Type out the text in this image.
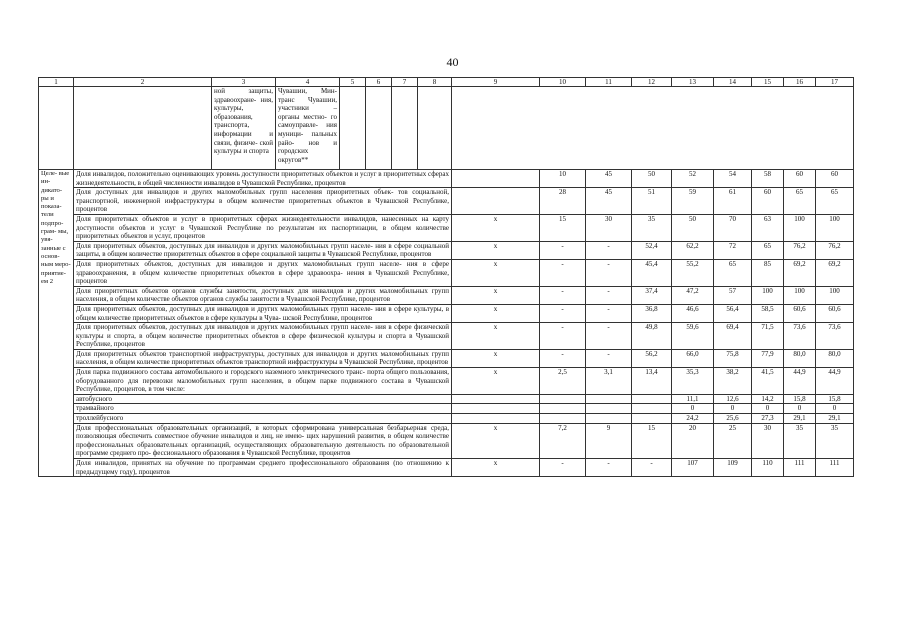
40
1	2	3	4	5	6	7	8	9	10	11	12	13	14	15	16	17
		ной защиты, здравоохране- ния, культуры, образования, транспорта, информации и связи, физиче- ской культуры и спорта	Чувашии, Мин- транс Чувашии, участники – органы местно- го самоуправле- ния муници- пальных райо- нов и городских округов**													
Целе- вые ин- дикато- ры и показа- тели подпро- грам- мы, увя- занные с основ- ным меро- приятие- ем 2	Доля инвалидов, положительно оценивающих уровень доступности приоритетных объектов и услуг в приоритетных сферах жизнедеятельности, в общей численности инвалидов в Чувашской Республике, процентов								10	45	50	52	54	58	60	60
	Доля доступных для инвалидов и других маломобильных групп населения приоритетных объек- тов социальной, транспортной, инженерной инфраструктуры в общем количестве приоритетных объектов в Чувашской Республике, процентов								28	45	51	59	61	60	65	65
	Доля приоритетных объектов и услуг в приоритетных сферах жизнедеятельности инвалидов, нанесенных на карту доступности объектов и услуг в Чувашской Республике по результатам их паспортизации, в общем количестве приоритетных объектов и услуг, процентов							х	15	30	35	50	70	63	100	100
	Доля приоритетных объектов, доступных для инвалидов и других маломобильных групп населе- ния в сфере социальной защиты, в общем количестве приоритетных объектов в сфере социальной защиты в Чувашской Республике, процентов							х	-	-	52,4	62,2	72	65	76,2	76,2
	Доля приоритетных объектов, доступных для инвалидов и других маломобильных групп населе- ния в сфере здравоохранения, в общем количестве приоритетных объектов в сфере здравоохра- нения в Чувашской Республике, процентов							х	-	-	45,4	55,2	65	85	69,2	69,2
	Доля приоритетных объектов органов службы занятости, доступных для инвалидов и других маломобильных групп населения, в общем количестве объектов органов службы занятости в Чувашской Республике, процентов							х	-	-	37,4	47,2	57	100	100	100
	Доля приоритетных объектов, доступных для инвалидов и других маломобильных групп населе- ния в сфере культуры, в общем количестве приоритетных объектов в сфере культуры в Чува- шской Республике, процентов							х	-	-	36,8	46,6	56,4	58,5	60,6	60,6
	Доля приоритетных объектов, доступных для инвалидов и других маломобильных групп населе- ния в сфере физической культуры и спорта, в общем количестве приоритетных объектов в сфере физической культуры и спорта в Чувашской Республике, процентов							х	-	-	49,8	59,6	69,4	71,5	73,6	73,6
	Доля приоритетных объектов транспортной инфраструктуры, доступных для инвалидов и других маломобильных групп населения, в общем количестве приоритетных объектов транспортной инфраструктуры в Чувашской Республике, процентов							х	-	-	56,2	66,0	75,8	77,9	80,0	80,0
	Доля парка подвижного состава автомобильного и городского наземного электрического транс- порта общего пользования, оборудованного для перевозки маломобильных групп населения, в общем парке подвижного состава в Чувашской Республике, процентов, в том числе:							х	2,5	3,1	13,4	35,3	38,2	41,5	44,9	44,9
	автобусного											11,1	12,6	14,2	15,8	15,8
	трамвайного											0	0	0	0	0
	троллейбусного											24,2	25,6	27,3	29,1	29,1
	Доля профессиональных образовательных организаций, в которых сформирована универсальная безбарьерная среда, позволяющая обеспечить совместное обучение инвалидов и лиц, не имею- щих нарушений развития, в общем количестве профессиональных образовательных организаций, осуществляющих образовательную деятельность по образовательной программе среднего про- фессионального образования в Чувашской Республике, процентов							х	7,2	9	15	20	25	30	35	35
	Доля инвалидов, принятых на обучение по программам среднего профессионального образования (по отношению к предыдущему году), процентов							х	-	-	-	107	109	110	111	111
